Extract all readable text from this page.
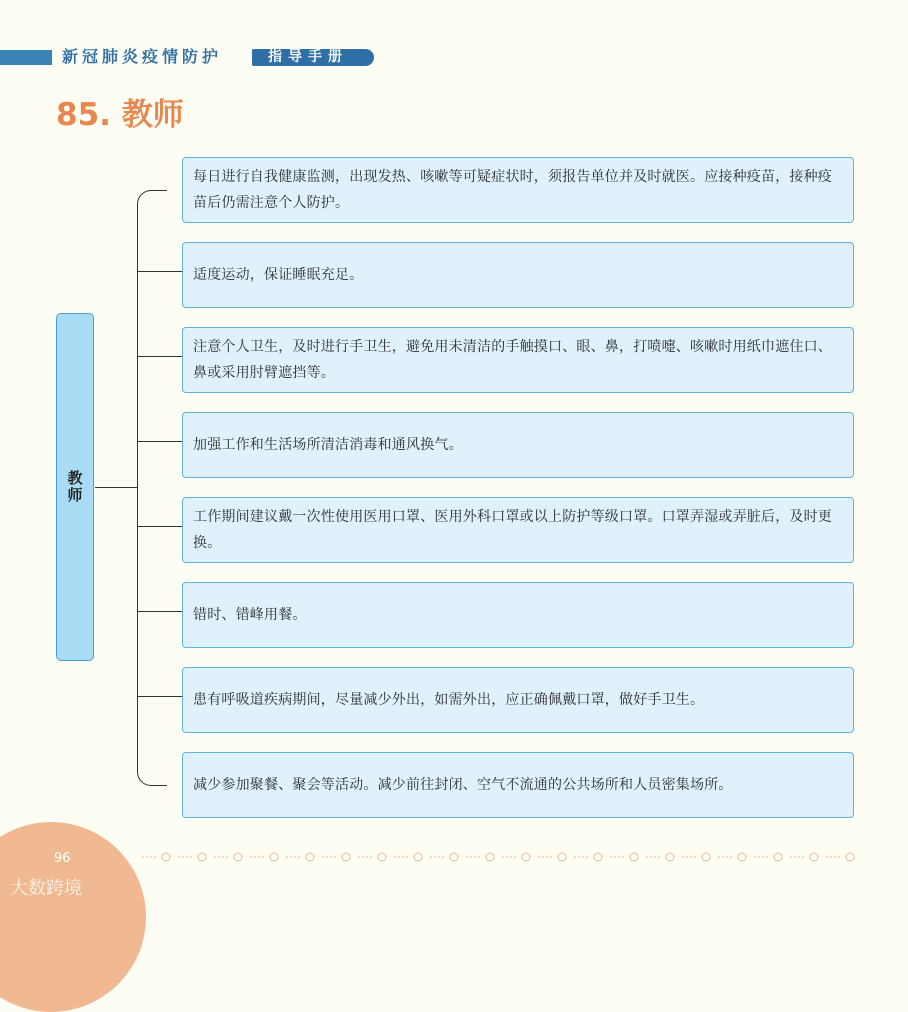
新冠肺炎疫情防护	指导手册
85. 教师
教师
每日进行自我健康监测，出现发热、咳嗽等可疑症状时，须报告单位并及时就医。应接种疫苗，接种疫苗后仍需注意个人防护。
适度运动，保证睡眠充足。
注意个人卫生，及时进行手卫生，避免用未清洁的手触摸口、眼、鼻，打喷嚏、咳嗽时用纸巾遮住口、鼻或采用肘臂遮挡等。
加强工作和生活场所清洁消毒和通风换气。
工作期间建议戴一次性使用医用口罩、医用外科口罩或以上防护等级口罩。口罩弄湿或弄脏后，及时更换。
错时、错峰用餐。
患有呼吸道疾病期间，尽量减少外出，如需外出，应正确佩戴口罩，做好手卫生。
减少参加聚餐、聚会等活动。减少前往封闭、空气不流通的公共场所和人员密集场所。
96
大数跨境
